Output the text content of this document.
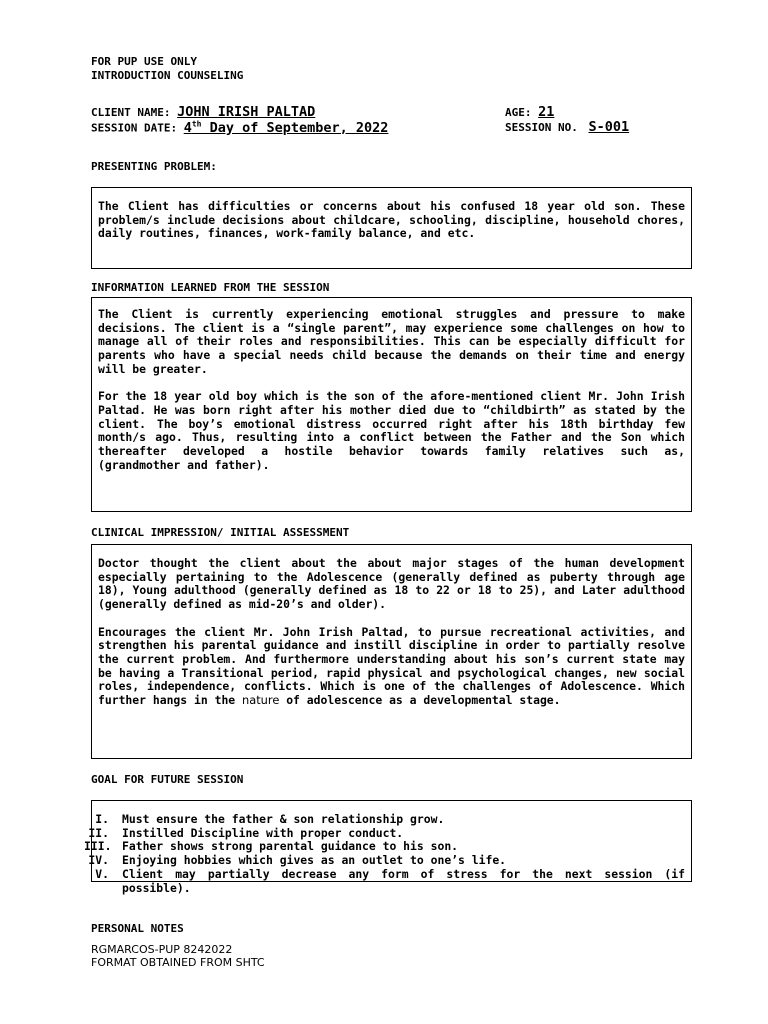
FOR PUP USE ONLY
INTRODUCTION COUNSELING
CLIENT NAME: JOHN IRISH PALTAD	AGE: 21
SESSION DATE: 4th Day of September, 2022	SESSION NO. S-001
PRESENTING PROBLEM:

The Client has difficulties or concerns about his confused 18 year old son. These problem/s include decisions about childcare, schooling, discipline, household chores, daily routines, finances, work-family balance, and etc.

INFORMATION LEARNED FROM THE SESSION

The Client is currently experiencing emotional struggles and pressure to make decisions. The client is a “single parent”, may experience some challenges on how to manage all of their roles and responsibilities. This can be especially difficult for parents who have a special needs child because the demands on their time and energy will be greater.

For the 18 year old boy which is the son of the afore-mentioned client Mr. John Irish Paltad. He was born right after his mother died due to “childbirth” as stated by the client. The boy’s emotional distress occurred right after his 18th birthday few month/s ago. Thus, resulting into a conflict between the Father and the Son which thereafter developed a hostile behavior towards family relatives such as, (grandmother and father).

CLINICAL IMPRESSION/ INITIAL ASSESSMENT

Doctor thought the client about the about major stages of the human development especially pertaining to the Adolescence (generally defined as puberty through age 18), Young adulthood (generally defined as 18 to 22 or 18 to 25), and Later adulthood (generally defined as mid-20’s and older).

Encourages the client Mr. John Irish Paltad, to pursue recreational activities, and strengthen his parental guidance and instill discipline in order to partially resolve the current problem. And furthermore understanding about his son’s current state may be having a Transitional period, rapid physical and psychological changes, new social roles, independence, conflicts. Which is one of the challenges of Adolescence. Which further hangs in the nature of adolescence as a developmental stage.

GOAL FOR FUTURE SESSION
I.	Must ensure the father & son relationship grow.
II.	Instilled Discipline with proper conduct.
III. Father shows strong parental guidance to his son.
IV.	Enjoying hobbies which gives as an outlet to one’s life.
V.	Client may partially decrease any form of stress for the next session (if possible).
PERSONAL NOTES
RGMARCOS-PUP 8242022
FORMAT OBTAINED FROM SHTC
